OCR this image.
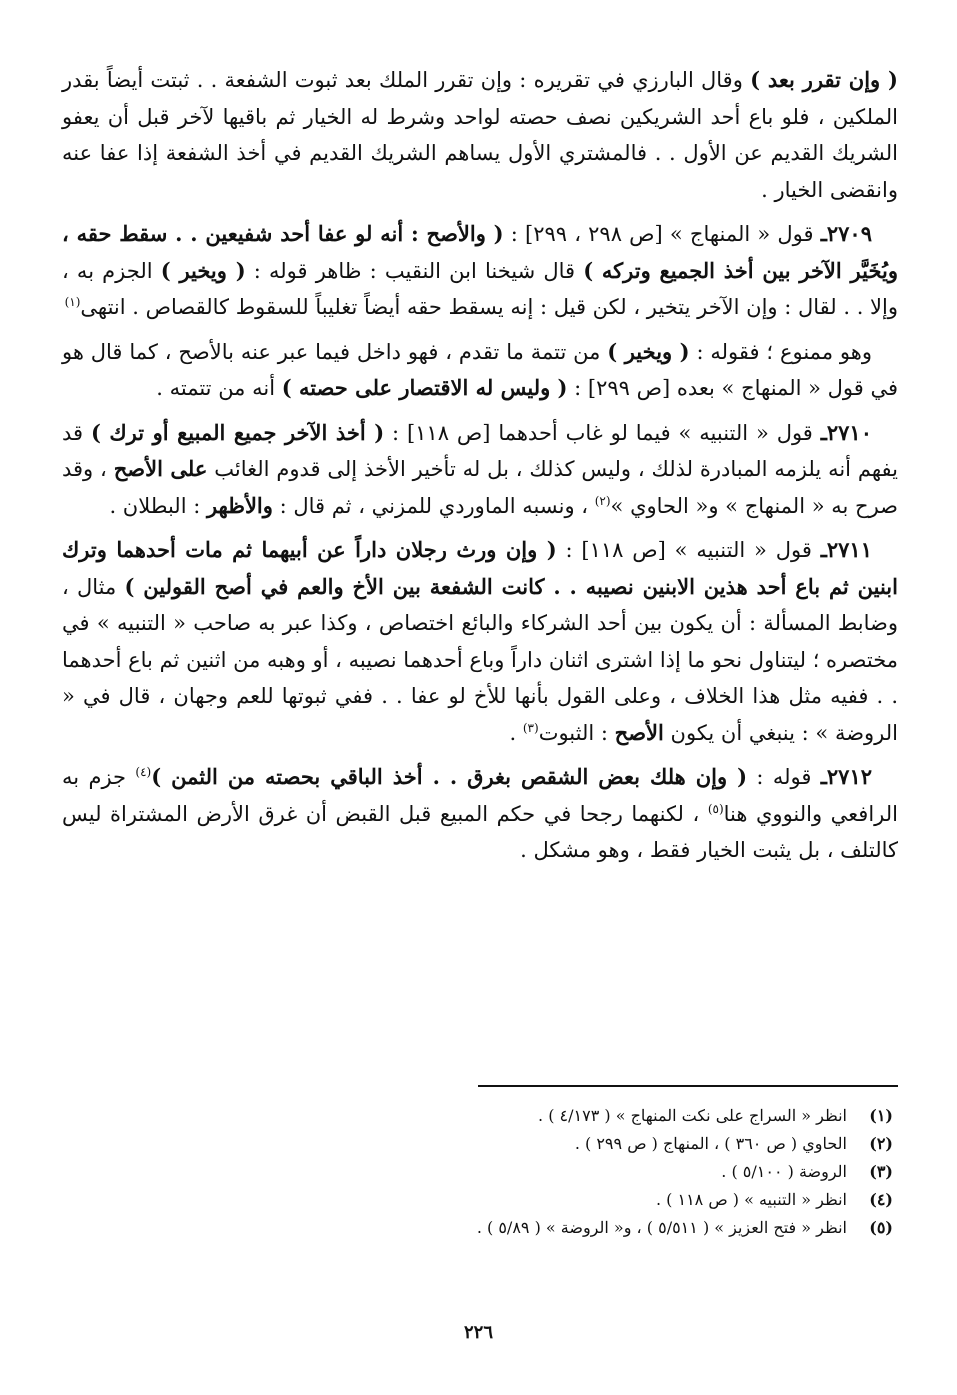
( وإن تقرر بعد ) وقال البارزي في تقريره : وإن تقرر الملك بعد ثبوت الشفعة . . ثبتت أيضاً بقدر الملكين ، فلو باع أحد الشريكين نصف حصته لواحد وشرط له الخيار ثم باقيها لآخر قبل أن يعفو الشريك القديم عن الأول . . فالمشتري الأول يساهم الشريك القديم في أخذ الشفعة إذا عفا عنه وانقضى الخيار .

٢٧٠٩ـ قول « المنهاج » [ص ٢٩٨ ، ٢٩٩] : ( والأصح : أنه لو عفا أحد شفيعين . . سقط حقه ، ويُخَيَّر الآخر بين أخذ الجميع وتركه ) قال شيخنا ابن النقيب : ظاهر قوله : ( ويخير ) الجزم به ، وإلا . . لقال : وإن الآخر يتخير ، لكن قيل : إنه يسقط حقه أيضاً تغليباً للسقوط كالقصاص . انتهى$^{(١)}$

وهو ممنوع ؛ فقوله : ( ويخير ) من تتمة ما تقدم ، فهو داخل فيما عبر عنه بالأصح ، كما قال هو في قول « المنهاج » بعده [ص ٢٩٩] : ( وليس له الاقتصار على حصته ) أنه من تتمته .

٢٧١٠ـ قول « التنبيه » فيما لو غاب أحدهما [ص ١١٨] : ( أخذ الآخر جميع المبيع أو ترك ) قد يفهم أنه يلزمه المبادرة لذلك ، وليس كذلك ، بل له تأخير الأخذ إلى قدوم الغائب على الأصح ، وقد صرح به « المنهاج » و« الحاوي »$^{(٢)}$ ، ونسبه الماوردي للمزني ، ثم قال : والأظهر : البطلان .

٢٧١١ـ قول « التنبيه » [ص ١١٨] : ( وإن ورث رجلان داراً عن أبيهما ثم مات أحدهما وترك ابنين ثم باع أحد هذين الابنين نصيبه . . كانت الشفعة بين الأخ والعم في أصح القولين ) مثال ، وضابط المسألة : أن يكون بين أحد الشركاء والبائع اختصاص ، وكذا عبر به صاحب « التنبيه » في مختصره ؛ ليتناول نحو ما إذا اشترى اثنان داراً وباع أحدهما نصيبه ، أو وهبه من اثنين ثم باع أحدهما . . ففيه مثل هذا الخلاف ، وعلى القول بأنها للأخ لو عفا . . ففي ثبوتها للعم وجهان ، قال في « الروضة » : ينبغي أن يكون الأصح : الثبوت$^{(٣)}$ .

٢٧١٢ـ قوله : ( وإن هلك بعض الشقص بغرق . . أخذ الباقي بحصته من الثمن )$^{(٤)}$ جزم به الرافعي والنووي هنا$^{(٥)}$ ، لكنهما رجحا في حكم المبيع قبل القبض أن غرق الأرض المشتراة ليس كالتلف ، بل يثبت الخيار فقط ، وهو مشكل .

(١)
انظر « السراج على نكت المنهاج » ( ٤/١٧٣ ) .
(٢)
الحاوي ( ص ٣٦٠ ) ، المنهاج ( ص ٢٩٩ ) .
(٣)
الروضة ( ٥/١٠٠ ) .
(٤)
انظر « التنبيه » ( ص ١١٨ ) .
(٥)
انظر « فتح العزيز » ( ٥/٥١١ ) ، و« الروضة » ( ٥/٨٩ ) .
٢٢٦
